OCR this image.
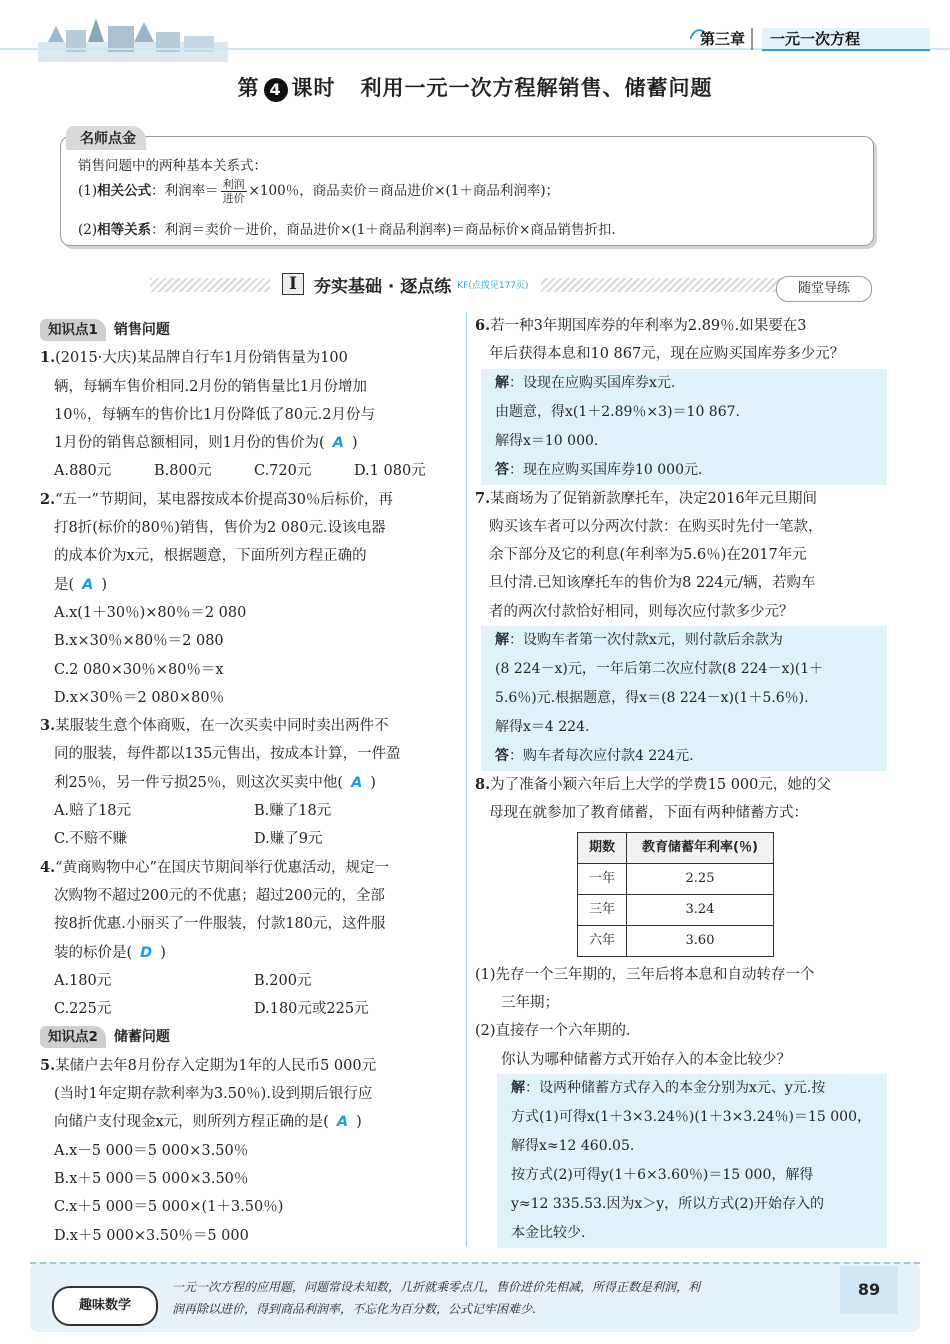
第三章 一元一次方程
第 4 课时 利用一元一次方程解销售、储蓄问题
名师点金
销售问题中的两种基本关系式：
(1)相关公式：利润率＝ $\frac{\text{利润}}{\text{进价}} \times 100$％，商品卖价＝商品进价×(1＋商品利润率)；
(2)相等关系：利润＝卖价－进价，商品进价×(1＋商品利润率)＝商品标价×商品销售折扣.
I	夯实基础 · 逐点练 KF(点拨见177页)	随堂导练
知识点1 销售问题
1.(2015·大庆)某品牌自行车1月份销售量为100
辆，每辆车售价相同.2月份的销售量比1月份增加
10％，每辆车的售价比1月份降低了80元.2月份与
1月份的销售总额相同，则1月份的售价为( A )
A.880元	B.800元	C.720元	D.1 080元
2.“五一”节期间，某电器按成本价提高30％后标价，再
打8折(标价的80％)销售，售价为2 080元.设该电器
的成本价为x元，根据题意，下面所列方程正确的
是( A )
A.x(1＋30％)×80％＝2 080
B.x×30％×80％＝2 080
C.2 080×30％×80％＝x
D.x×30％＝2 080×80％
3.某服装生意个体商贩，在一次买卖中同时卖出两件不
同的服装，每件都以135元售出，按成本计算，一件盈
利25％，另一件亏损25％，则这次买卖中他( A )
A.赔了18元	B.赚了18元
C.不赔不赚	D.赚了9元
4.“黄商购物中心”在国庆节期间举行优惠活动，规定一
次购物不超过200元的不优惠；超过200元的，全部
按8折优惠.小丽买了一件服装，付款180元，这件服
装的标价是( D )
A.180元	B.200元
C.225元	D.180元或225元
知识点2 储蓄问题
5.某储户去年8月份存入定期为1年的人民币5 000元
(当时1年定期存款利率为3.50％).设到期后银行应
向储户支付现金x元，则所列方程正确的是( A )
A.x－5 000＝5 000×3.50％
B.x＋5 000＝5 000×3.50％
C.x＋5 000＝5 000×(1＋3.50％)
D.x＋5 000×3.50％＝5 000
6.若一种3年期国库券的年利率为2.89％.如果要在3
年后获得本息和10 867元，现在应购买国库券多少元？
解：设现在应购买国库券x元.
由题意，得x(1＋2.89％×3)＝10 867.
解得x＝10 000.
答：现在应购买国库券10 000元.
7.某商场为了促销新款摩托车，决定2016年元旦期间
购买该车者可以分两次付款：在购买时先付一笔款，
余下部分及它的利息(年利率为5.6％)在2017年元
旦付清.已知该摩托车的售价为8 224元/辆，若购车
者的两次付款恰好相同，则每次应付款多少元？
解：设购车者第一次付款x元，则付款后余款为
(8 224－x)元，一年后第二次应付款(8 224－x)(1＋
5.6％)元.根据题意，得x＝(8 224－x)(1＋5.6％).
解得x＝4 224.
答：购车者每次应付款4 224元.
8.为了准备小颖六年后上大学的学费15 000元，她的父
母现在就参加了教育储蓄，下面有两种储蓄方式：
期数	教育储蓄年利率(％)
一年	2.25
三年	3.24
六年	3.60
(1)先存一个三年期的，三年后将本息和自动转存一个
三年期；
(2)直接存一个六年期的.
你认为哪种储蓄方式开始存入的本金比较少？
解：设两种储蓄方式存入的本金分别为x元、y元.按
方式(1)可得x(1＋3×3.24％)(1＋3×3.24％)＝15 000，
解得x≈12 460.05.
按方式(2)可得y(1＋6×3.60％)＝15 000，解得
y≈12 335.53.因为x＞y，所以方式(2)开始存入的
本金比较少.
趣味数学
一元一次方程的应用题，问题常设未知数，几折就乘零点几，售价进价先相减，所得正数是利润，利
润再除以进价，得到商品利润率，不忘化为百分数，公式记牢困难少.
89
